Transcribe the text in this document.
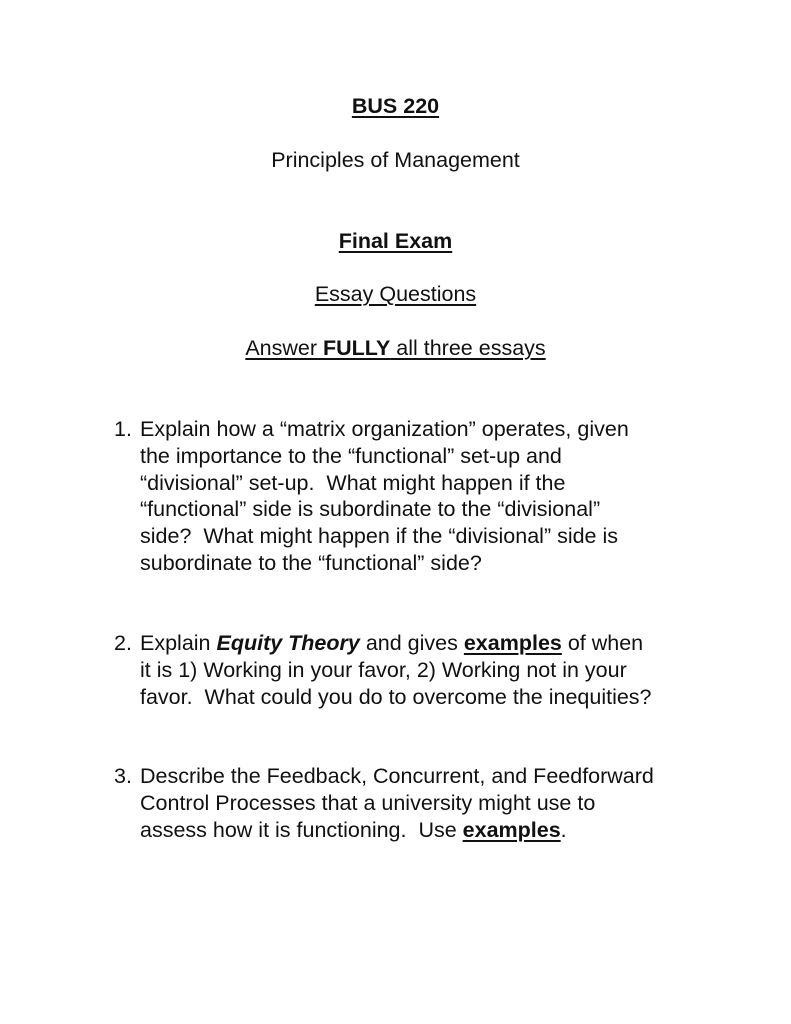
BUS 220
Principles of Management
Final Exam
Essay Questions
Answer FULLY all three essays
1. Explain how a “matrix organization” operates, given
the importance to the “functional” set-up and
“divisional” set-up.  What might happen if the
“functional” side is subordinate to the “divisional”
side?  What might happen if the “divisional” side is
subordinate to the “functional” side?
2. Explain Equity Theory and gives examples of when
it is 1) Working in your favor, 2) Working not in your
favor.  What could you do to overcome the inequities?
3. Describe the Feedback, Concurrent, and Feedforward
Control Processes that a university might use to
assess how it is functioning.  Use examples.
